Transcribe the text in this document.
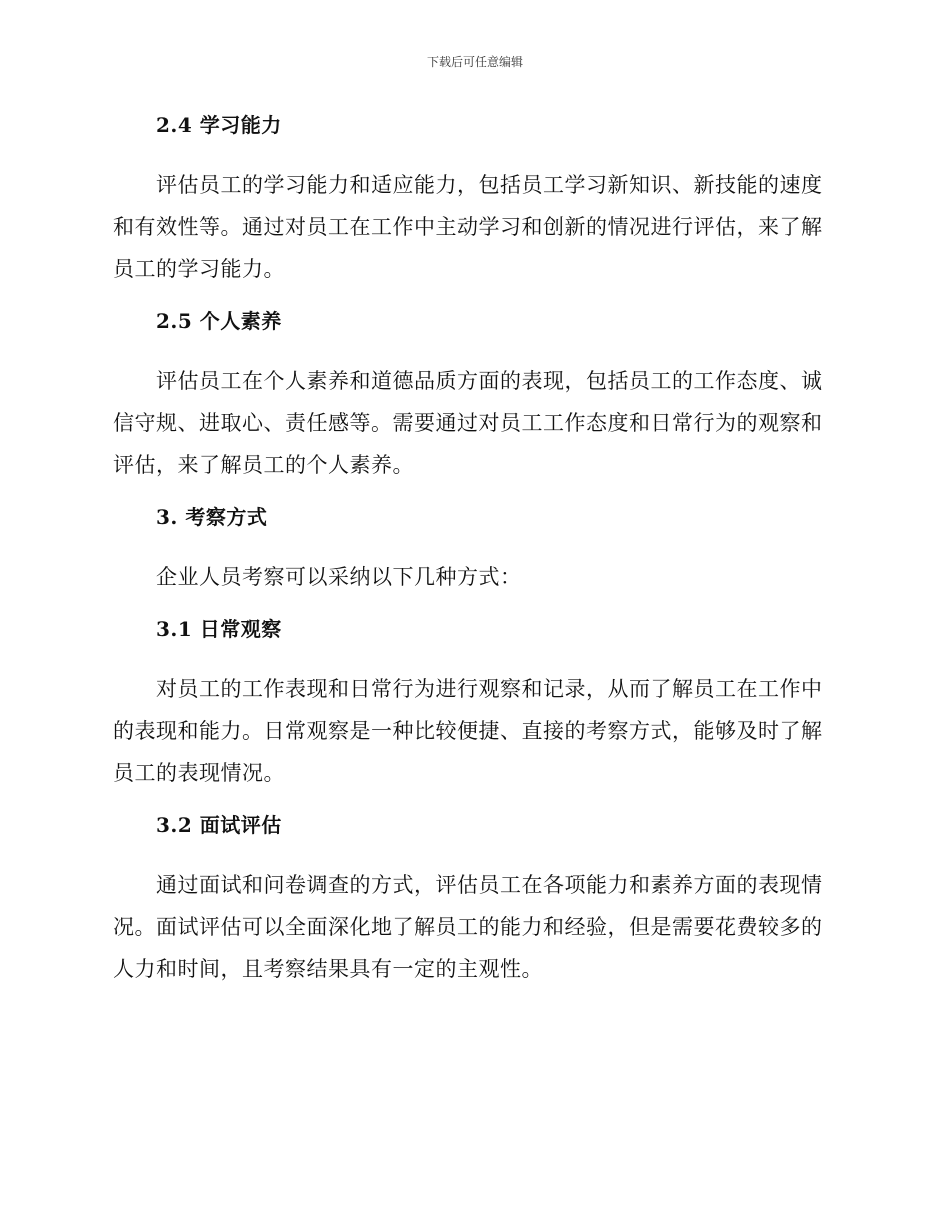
下载后可任意编辑
2.4 学习能力

评估员工的学习能力和适应能力，包括员工学习新知识、新技能的速度和有效性等。通过对员工在工作中主动学习和创新的情况进行评估，来了解员工的学习能力。

2.5 个人素养

评估员工在个人素养和道德品质方面的表现，包括员工的工作态度、诚信守规、进取心、责任感等。需要通过对员工工作态度和日常行为的观察和评估，来了解员工的个人素养。

3. 考察方式

企业人员考察可以采纳以下几种方式：

3.1 日常观察

对员工的工作表现和日常行为进行观察和记录，从而了解员工在工作中的表现和能力。日常观察是一种比较便捷、直接的考察方式，能够及时了解员工的表现情况。

3.2 面试评估

通过面试和问卷调查的方式，评估员工在各项能力和素养方面的表现情况。面试评估可以全面深化地了解员工的能力和经验，但是需要花费较多的人力和时间，且考察结果具有一定的主观性。
